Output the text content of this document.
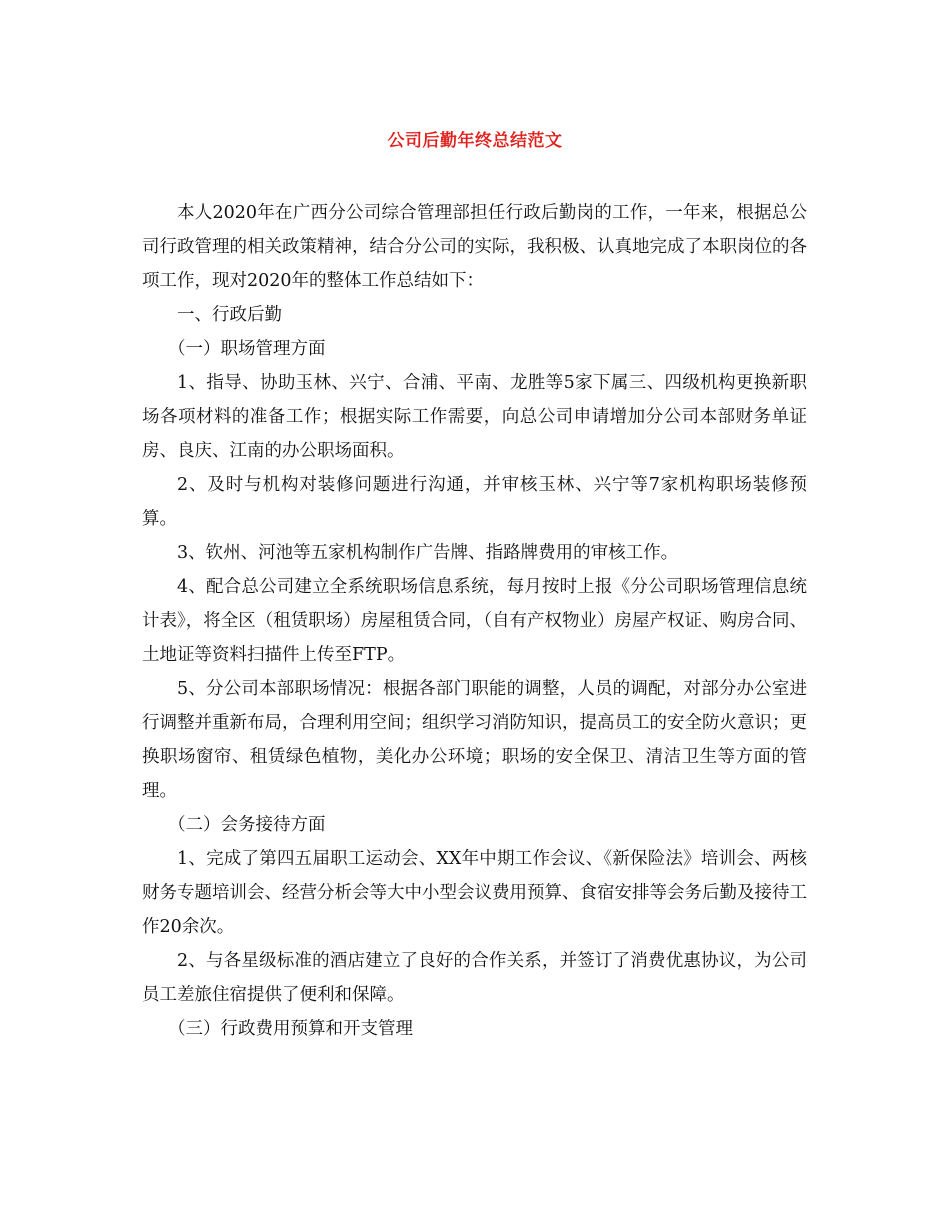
公司后勤年终总结范文

本人2020年在广西分公司综合管理部担任行政后勤岗的工作，一年来，根据总公司行政管理的相关政策精神，结合分公司的实际，我积极、认真地完成了本职岗位的各项工作，现对2020年的整体工作总结如下：

一、行政后勤

（一）职场管理方面

1、指导、协助玉林、兴宁、合浦、平南、龙胜等5家下属三、四级机构更换新职场各项材料的准备工作；根据实际工作需要，向总公司申请增加分公司本部财务单证房、良庆、江南的办公职场面积。

2、及时与机构对装修问题进行沟通，并审核玉林、兴宁等7家机构职场装修预算。

3、钦州、河池等五家机构制作广告牌、指路牌费用的审核工作。

4、配合总公司建立全系统职场信息系统，每月按时上报《分公司职场管理信息统计表》，将全区（租赁职场）房屋租赁合同，（自有产权物业）房屋产权证、购房合同、土地证等资料扫描件上传至FTP。

5、分公司本部职场情况：根据各部门职能的调整，人员的调配，对部分办公室进行调整并重新布局，合理利用空间；组织学习消防知识，提高员工的安全防火意识；更换职场窗帘、租赁绿色植物，美化办公环境；职场的安全保卫、清洁卫生等方面的管理。

（二）会务接待方面

1、完成了第四五届职工运动会、XX年中期工作会议、《新保险法》培训会、两核财务专题培训会、经营分析会等大中小型会议费用预算、食宿安排等会务后勤及接待工作20余次。

2、与各星级标准的酒店建立了良好的合作关系，并签订了消费优惠协议，为公司员工差旅住宿提供了便利和保障。

（三）行政费用预算和开支管理
